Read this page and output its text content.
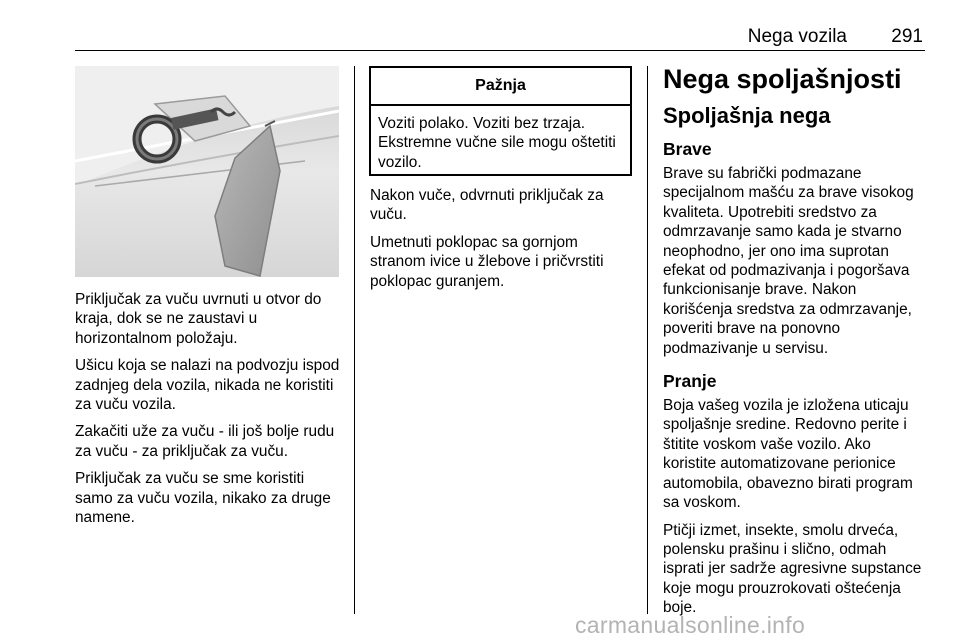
Nega vozila 291

Priključak za vuču uvrnuti u otvor do kraja, dok se ne zaustavi u horizontalnom položaju.

Ušicu koja se nalazi na podvozju ispod zadnjeg dela vozila, nikada ne koristiti za vuču vozila.

Zakačiti uže za vuču - ili još bolje rudu za vuču - za priključak za vuču.

Priključak za vuču se sme koristiti samo za vuču vozila, nikako za druge namene.

Pažnja
Voziti polako. Voziti bez trzaja. Ekstremne vučne sile mogu oštetiti vozilo.

Nakon vuče, odvrnuti priključak za vuču.

Umetnuti poklopac sa gornjom stranom ivice u žlebove i pričvrstiti poklopac guranjem.

Nega spoljašnjosti
Spoljašnja nega
Brave

Brave su fabrički podmazane specijalnom mašću za brave visokog kvaliteta. Upotrebiti sredstvo za odmrzavanje samo kada je stvarno neophodno, jer ono ima suprotan efekat od podmazivanja i pogoršava funkcionisanje brave. Nakon korišćenja sredstva za odmrzavanje, poveriti brave na ponovno podmazivanje u servisu.

Pranje

Boja vašeg vozila je izložena uticaju spoljašnje sredine. Redovno perite i štitite voskom vaše vozilo. Ako koristite automatizovane perionice automobila, obavezno birati program sa voskom.

Ptičji izmet, insekte, smolu drveća, polensku prašinu i slično, odmah isprati jer sadrže agresivne supstance koje mogu prouzrokovati oštećenja boje.

carmanualsonline.info
